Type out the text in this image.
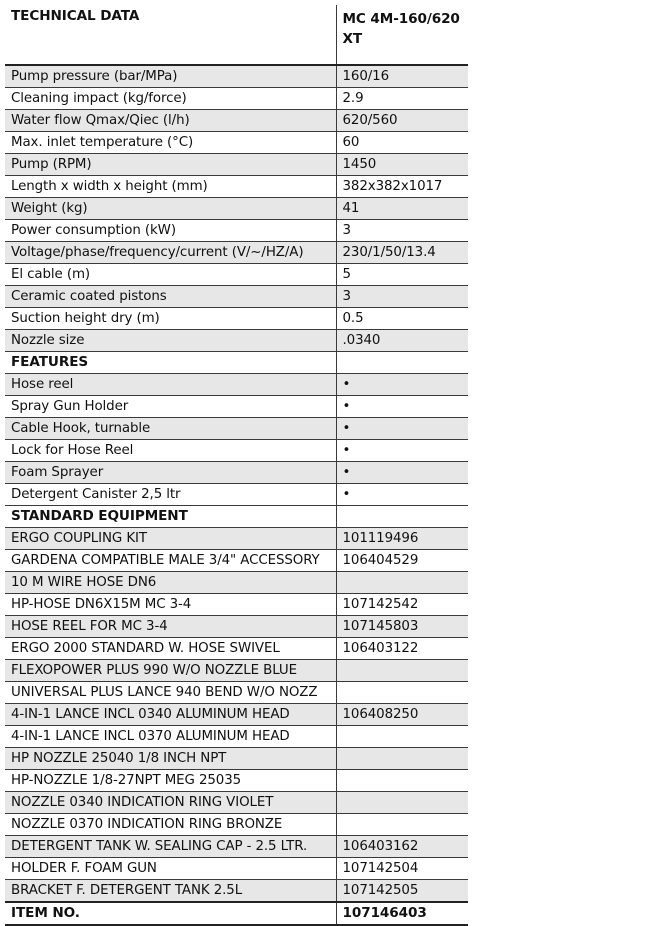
TECHNICAL DATA	MC 4M-160/620 XT
Pump pressure (bar/MPa)	160/16
Cleaning impact (kg/force)	2.9
Water flow Qmax/Qiec (l/h)	620/560
Max. inlet temperature (°C)	60
Pump (RPM)	1450
Length x width x height (mm)	382x382x1017
Weight (kg)	41
Power consumption (kW)	3
Voltage/phase/frequency/current (V/~/HZ/A)	230/1/50/13.4
El cable (m)	5
Ceramic coated pistons	3
Suction height dry (m)	0.5
Nozzle size	.0340
FEATURES	
Hose reel	•
Spray Gun Holder	•
Cable Hook, turnable	•
Lock for Hose Reel	•
Foam Sprayer	•
Detergent Canister 2,5 ltr	•
STANDARD EQUIPMENT	
ERGO COUPLING KIT	101119496
GARDENA COMPATIBLE MALE 3/4" ACCESSORY	106404529
10 M WIRE HOSE DN6	
HP-HOSE DN6X15M MC 3-4	107142542
HOSE REEL FOR MC 3-4	107145803
ERGO 2000 STANDARD W. HOSE SWIVEL	106403122
FLEXOPOWER PLUS 990 W/O NOZZLE BLUE	
UNIVERSAL PLUS LANCE 940 BEND W/O NOZZ	
4-IN-1 LANCE INCL 0340 ALUMINUM HEAD	106408250
4-IN-1 LANCE INCL 0370 ALUMINUM HEAD	
HP NOZZLE 25040 1/8 INCH NPT	
HP-NOZZLE 1/8-27NPT MEG 25035	
NOZZLE 0340 INDICATION RING VIOLET	
NOZZLE 0370 INDICATION RING BRONZE	
DETERGENT TANK W. SEALING CAP - 2.5 LTR.	106403162
HOLDER F. FOAM GUN	107142504
BRACKET F. DETERGENT TANK 2.5L	107142505
ITEM NO.	107146403
